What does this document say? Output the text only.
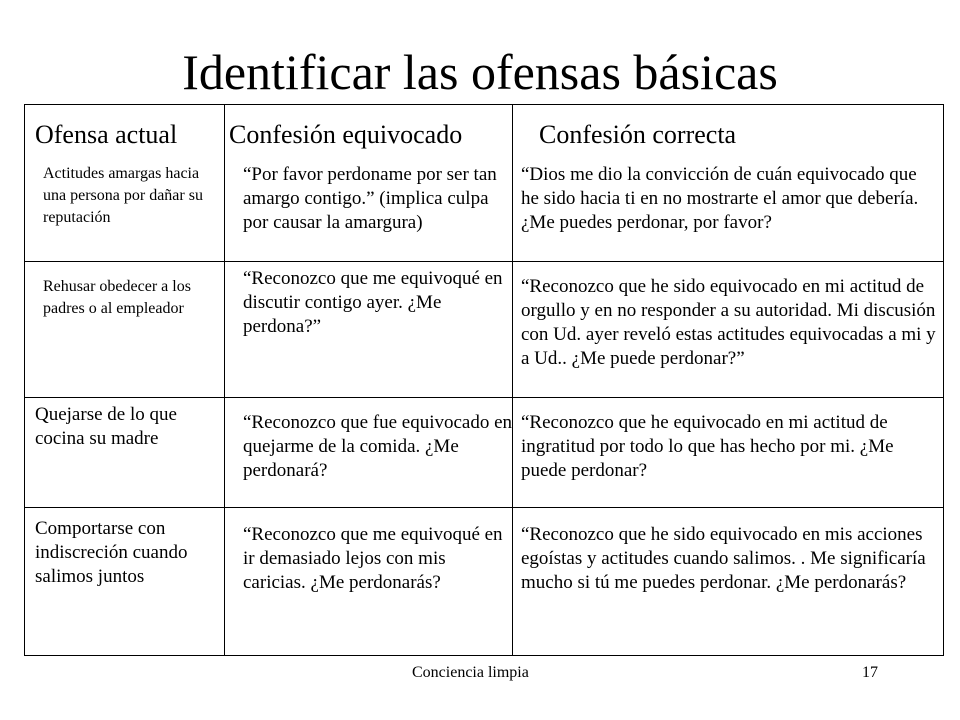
Identificar las ofensas básicas
Ofensa actual Confesión equivocado	Confesión correcta

Actitudes amargas hacia una persona por dañar su reputación

“Por favor perdoname por ser tan amargo contigo.” (implica culpa por causar la amargura)

“Dios me dio la convicción de cuán equivocado que he sido hacia ti en no mostrarte el amor que debería. ¿Me puedes perdonar, por favor?

Rehusar obedecer a los padres o al empleador

“Reconozco que me equivoqué en discutir contigo ayer. ¿Me perdona?”

“Reconozco que he sido equivocado en mi actitud de orgullo y en no responder a su autoridad. Mi discusión con Ud. ayer reveló estas actitudes equivocadas a mi y a Ud.. ¿Me puede perdonar?”

Quejarse de lo que cocina su madre

“Reconozco que fue equivocado en quejarme de la comida. ¿Me perdonará?

“Reconozco que he equivocado en mi actitud de ingratitud por todo lo que has hecho por mi. ¿Me puede perdonar?

Comportarse con indiscreción cuando salimos juntos

“Reconozco que me equivoqué en ir demasiado lejos con mis caricias. ¿Me perdonarás?

“Reconozco que he sido equivocado en mis acciones egoístas y actitudes cuando salimos. . Me significaría mucho si tú me puedes perdonar. ¿Me perdonarás?

Conciencia limpia	17
